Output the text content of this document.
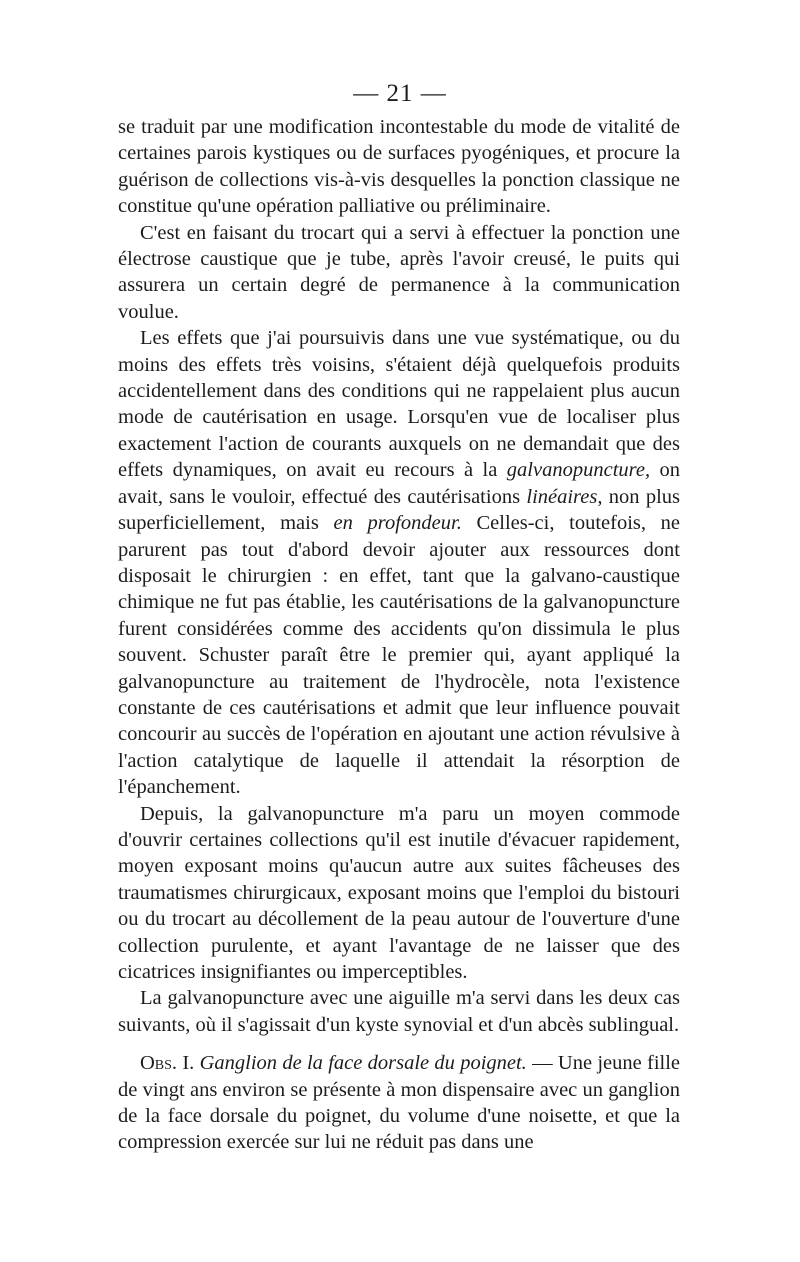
— 21 —

se traduit par une modification incontestable du mode de vitalité de certaines parois kystiques ou de surfaces pyogéniques, et procure la guérison de collections vis-à-vis desquelles la ponction classique ne constitue qu'une opération palliative ou préliminaire.

C'est en faisant du trocart qui a servi à effectuer la ponction une électrose caustique que je tube, après l'avoir creusé, le puits qui assurera un certain degré de permanence à la communication voulue.

Les effets que j'ai poursuivis dans une vue systématique, ou du moins des effets très voisins, s'étaient déjà quelquefois produits accidentellement dans des conditions qui ne rappelaient plus aucun mode de cautérisation en usage. Lorsqu'en vue de localiser plus exactement l'action de courants auxquels on ne demandait que des effets dynamiques, on avait eu recours à la galvanopuncture, on avait, sans le vouloir, effectué des cautérisations linéaires, non plus superficiellement, mais en profondeur. Celles-ci, toutefois, ne parurent pas tout d'abord devoir ajouter aux ressources dont disposait le chirurgien : en effet, tant que la galvano-caustique chimique ne fut pas établie, les cautérisations de la galvanopuncture furent considérées comme des accidents qu'on dissimula le plus souvent. Schuster paraît être le premier qui, ayant appliqué la galvanopuncture au traitement de l'hydrocèle, nota l'existence constante de ces cautérisations et admit que leur influence pouvait concourir au succès de l'opération en ajoutant une action révulsive à l'action catalytique de laquelle il attendait la résorption de l'épanchement.

Depuis, la galvanopuncture m'a paru un moyen commode d'ouvrir certaines collections qu'il est inutile d'évacuer rapidement, moyen exposant moins qu'aucun autre aux suites fâcheuses des traumatismes chirurgicaux, exposant moins que l'emploi du bistouri ou du trocart au décollement de la peau autour de l'ouverture d'une collection purulente, et ayant l'avantage de ne laisser que des cicatrices insignifiantes ou imperceptibles.

La galvanopuncture avec une aiguille m'a servi dans les deux cas suivants, où il s'agissait d'un kyste synovial et d'un abcès sublingual.

Obs. I. Ganglion de la face dorsale du poignet. — Une jeune fille de vingt ans environ se présente à mon dispensaire avec un ganglion de la face dorsale du poignet, du volume d'une noisette, et que la compression exercée sur lui ne réduit pas dans une
